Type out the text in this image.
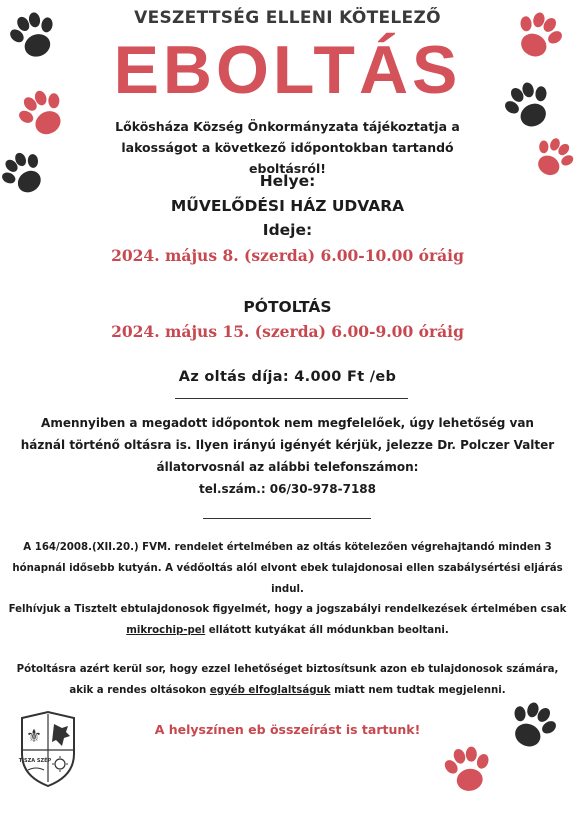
VESZETTSÉG ELLENI KÖTELEZŐ
EBOLTÁS
Lőkösháza Község Önkormányzata tájékoztatja a lakosságot a következő időpontokban tartandó eboltásról!
Helye:
MŰVELŐDÉSI HÁZ UDVARA
Ideje:
2024. május 8. (szerda) 6.00-10.00 óráig
PÓTOLTÁS
2024. május 15. (szerda) 6.00-9.00 óráig
Az oltás díja: 4.000 Ft /eb
Amennyiben a megadott időpontok nem megfelelőek, úgy lehetőség van háznál történő oltásra is. Ilyen irányú igényét kérjük, jelezze Dr. Polczer Valter állatorvosnál az alábbi telefonszámon:
tel.szám.: 06/30-978-7188
A 164/2008.(XII.20.) FVM. rendelet értelmében az oltás kötelezően végrehajtandó minden 3 hónapnál idősebb kutyán. A védőoltás alól elvont ebek tulajdonosai ellen szabálysértési eljárás indul.
Felhívjuk a Tisztelt ebtulajdonosok figyelmét, hogy a jogszabályi rendelkezések értelmében csak mikrochip-pel ellátott kutyákat áll módunkban beoltani.
Pótoltásra azért kerül sor, hogy ezzel lehetőséget biztosítsunk azon eb tulajdonosok számára, akik a rendes oltásokon egyéb elfoglaltságuk miatt nem tudtak megjelenni.
A helyszínen eb összeírást is tartunk!
⚜
TISZA SZÉP
